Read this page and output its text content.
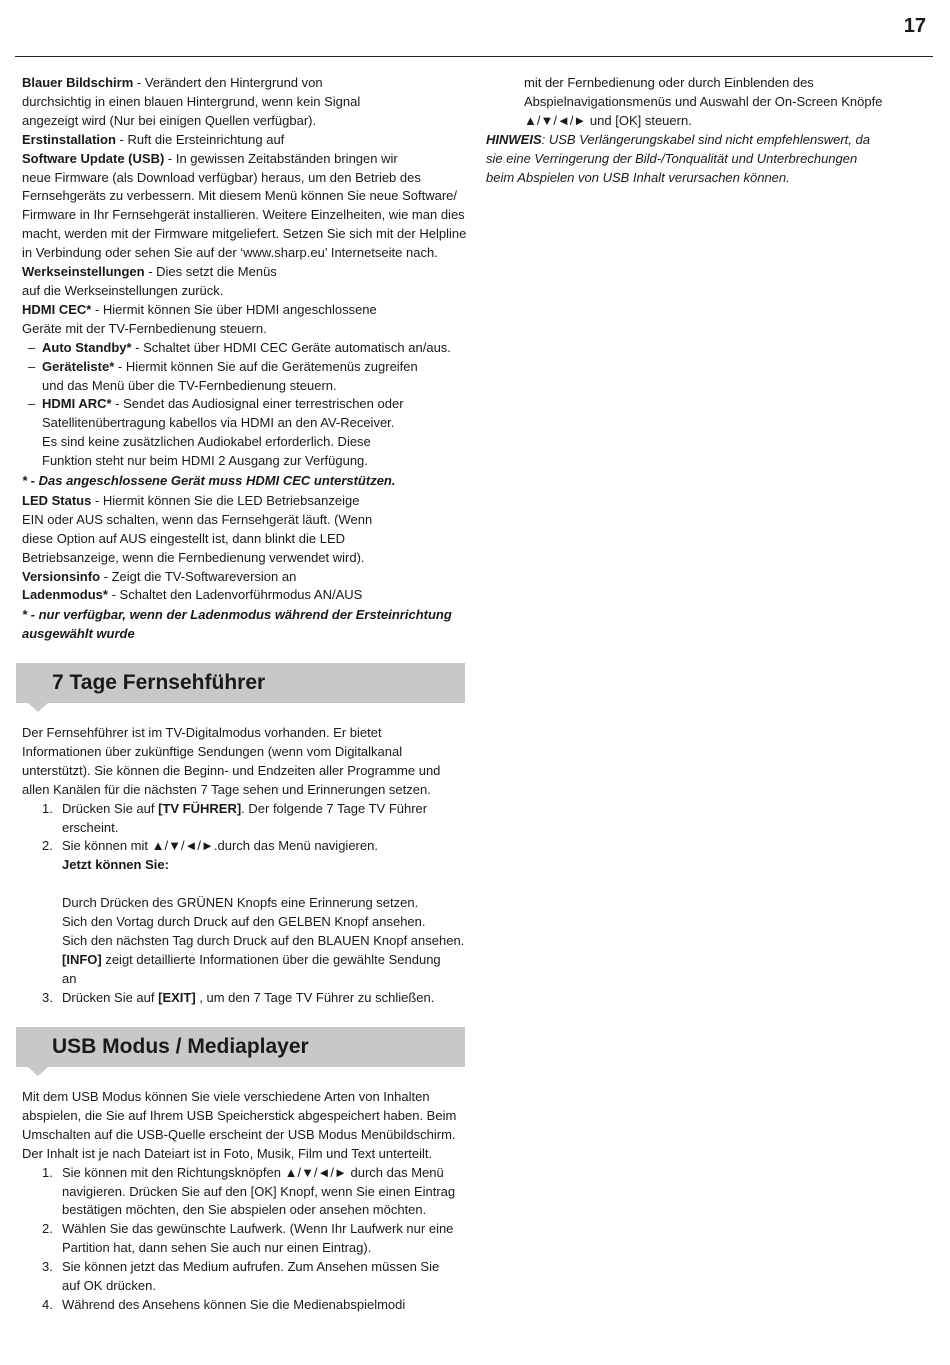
17

Blauer Bildschirm - Verändert den Hintergrund von

durchsichtig in einen blauen Hintergrund, wenn kein Signal

angezeigt wird (Nur bei einigen Quellen verfügbar).

Erstinstallation - Ruft die Ersteinrichtung auf

Software Update (USB) - In gewissen Zeitabständen bringen wir

neue Firmware (als Download verfügbar) heraus, um den Betrieb des

Fernsehgeräts zu verbessern. Mit diesem Menü können Sie neue Software/

Firmware in Ihr Fernsehgerät installieren. Weitere Einzelheiten, wie man dies

macht, werden mit der Firmware mitgeliefert. Setzen Sie sich mit der Helpline

in Verbindung oder sehen Sie auf der ‘www.sharp.eu’ Internetseite nach.

Werkseinstellungen - Dies setzt die Menüs

auf die Werkseinstellungen zurück.

HDMI CEC* - Hiermit können Sie über HDMI angeschlossene

Geräte mit der TV-Fernbedienung steuern.

– Auto Standby* - Schaltet über HDMI CEC Geräte automatisch an/aus.

– Geräteliste* - Hiermit können Sie auf die Gerätemenüs zugreifen

und das Menü über die TV-Fernbedienung steuern.

– HDMI ARC* - Sendet das Audiosignal einer terrestrischen oder

Satellitenübertragung kabellos via HDMI an den AV-Receiver.

Es sind keine zusätzlichen Audiokabel erforderlich. Diese

Funktion steht nur beim HDMI 2 Ausgang zur Verfügung.

* - Das angeschlossene Gerät muss HDMI CEC unterstützen.

LED Status - Hiermit können Sie die LED Betriebsanzeige

EIN oder AUS schalten, wenn das Fernsehgerät läuft. (Wenn

diese Option auf AUS eingestellt ist, dann blinkt die LED

Betriebsanzeige, wenn die Fernbedienung verwendet wird).

Versionsinfo - Zeigt die TV-Softwareversion an

Ladenmodus* - Schaltet den Ladenvorführmodus AN/AUS

* - nur verfügbar, wenn der Ladenmodus während der Ersteinrichtung

ausgewählt wurde

mit der Fernbedienung oder durch Einblenden des

Abspielnavigationsmenüs und Auswahl der On-Screen Knöpfe

▲/▼/◄/► und [OK] steuern.

HINWEIS: USB Verlängerungskabel sind nicht empfehlenswert, da

sie eine Verringerung der Bild-/Tonqualität und Unterbrechungen

beim Abspielen von USB Inhalt verursachen können.

7 Tage Fernsehführer

Der Fernsehführer ist im TV-Digitalmodus vorhanden. Er bietet

Informationen über zukünftige Sendungen (wenn vom Digitalkanal

unterstützt). Sie können die Beginn- und Endzeiten aller Programme und

allen Kanälen für die nächsten 7 Tage sehen und Erinnerungen setzen.

1. Drücken Sie auf [TV FÜHRER]. Der folgende 7 Tage TV Führer

erscheint.

2. Sie können mit ▲/▼/◄/►.durch das Menü navigieren.

Jetzt können Sie:

Durch Drücken des GRÜNEN Knopfs eine Erinnerung setzen.

Sich den Vortag durch Druck auf den GELBEN Knopf ansehen.

Sich den nächsten Tag durch Druck auf den BLAUEN Knopf ansehen.

[INFO] zeigt detaillierte Informationen über die gewählte Sendung

an

3. Drücken Sie auf [EXIT] , um den 7 Tage TV Führer zu schließen.

USB Modus / Mediaplayer

Mit dem USB Modus können Sie viele verschiedene Arten von Inhalten

abspielen, die Sie auf Ihrem USB Speicherstick abgespeichert haben. Beim

Umschalten auf die USB-Quelle erscheint der USB Modus Menübildschirm.

Der Inhalt ist je nach Dateiart ist in Foto, Musik, Film und Text unterteilt.

1. Sie können mit den Richtungsknöpfen ▲/▼/◄/► durch das Menü

navigieren. Drücken Sie auf den [OK] Knopf, wenn Sie einen Eintrag

bestätigen möchten, den Sie abspielen oder ansehen möchten.

2. Wählen Sie das gewünschte Laufwerk. (Wenn Ihr Laufwerk nur eine

Partition hat, dann sehen Sie auch nur einen Eintrag).

3. Sie können jetzt das Medium aufrufen. Zum Ansehen müssen Sie

auf OK drücken.

4. Während des Ansehens können Sie die Medienabspielmodi
